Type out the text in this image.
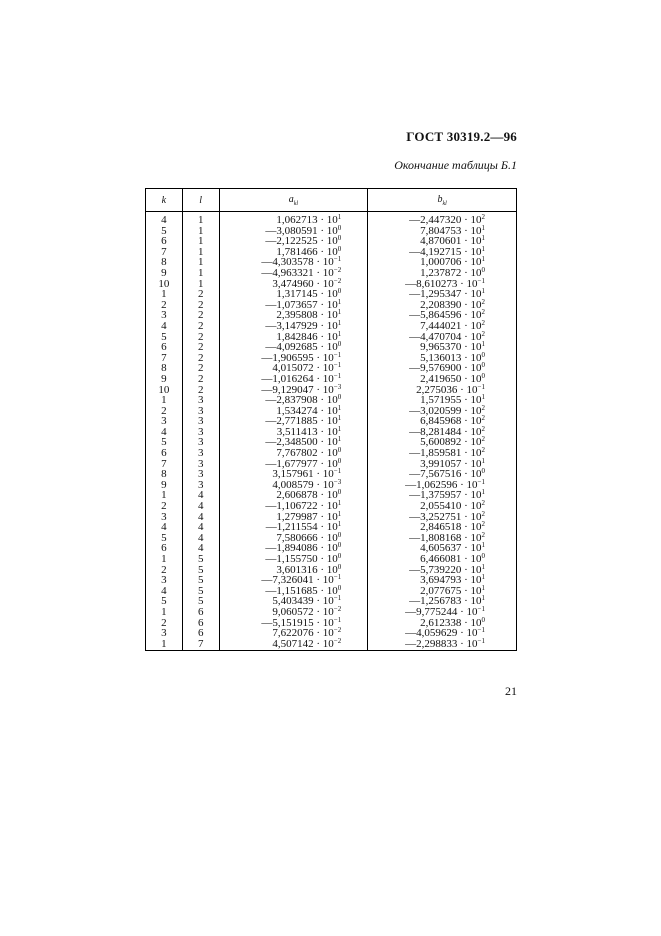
ГОСТ 30319.2—96
Окончание таблицы Б.1
k	l	$a_{kl}$	$b_{kl}$
4	1	$1,062713 \cdot 10^1$	—2,447320 · $10^2$
5	1	—3,080591 · $10^0$	$7,804753 \cdot 10^1$
6	1	—2,122525 · $10^0$	$4,870601 \cdot 10^1$
7	1	$1,781466 \cdot 10^0$	—4,192715 · $10^1$
8	1	—4,303578 · $10^{-1}$	$1,000706 \cdot 10^1$
9	1	—4,963321 · $10^{-2}$	$1,237872 \cdot 10^0$
10	1	$3,474960 \cdot 10^{-2}$	—8,610273 · $10^{-1}$
1	2	$1,317145 \cdot 10^0$	—1,295347 · $10^1$
2	2	—1,073657 · $10^1$	$2,208390 \cdot 10^2$
3	2	$2,395808 \cdot 10^1$	—5,864596 · $10^2$
4	2	—3,147929 · $10^1$	$7,444021 \cdot 10^2$
5	2	$1,842846 \cdot 10^1$	—4,470704 · $10^2$
6	2	—4,092685 · $10^0$	$9,965370 \cdot 10^1$
7	2	—1,906595 · $10^{-1}$	$5,136013 \cdot 10^0$
8	2	$4,015072 \cdot 10^{-1}$	—9,576900 · $10^0$
9	2	—1,016264 · $10^{-1}$	$2,419650 \cdot 10^0$
10	2	—9,129047 · $10^{-3}$	$2,275036 \cdot 10^{-1}$
1	3	—2,837908 · $10^0$	$1,571955 \cdot 10^1$
2	3	$1,534274 \cdot 10^1$	—3,020599 · $10^2$
3	3	—2,771885 · $10^1$	$6,845968 \cdot 10^2$
4	3	$3,511413 \cdot 10^1$	—8,281484 · $10^2$
5	3	—2,348500 · $10^1$	$5,600892 \cdot 10^2$
6	3	$7,767802 \cdot 10^0$	—1,859581 · $10^2$
7	3	—1,677977 · $10^0$	$3,991057 \cdot 10^1$
8	3	$3,157961 \cdot 10^{-1}$	—7,567516 · $10^0$
9	3	$4,008579 \cdot 10^{-3}$	—1,062596 · $10^{-1}$
1	4	$2,606878 \cdot 10^0$	—1,375957 · $10^1$
2	4	—1,106722 · $10^1$	$2,055410 \cdot 10^2$
3	4	$1,279987 \cdot 10^1$	—3,252751 · $10^2$
4	4	—1,211554 · $10^1$	$2,846518 \cdot 10^2$
5	4	$7,580666 \cdot 10^0$	—1,808168 · $10^2$
6	4	—1,894086 · $10^0$	$4,605637 \cdot 10^1$
1	5	—1,155750 · $10^0$	$6,466081 \cdot 10^0$
2	5	$3,601316 \cdot 10^0$	—5,739220 · $10^1$
3	5	—7,326041 · $10^{-1}$	$3,694793 \cdot 10^1$
4	5	—1,151685 · $10^0$	$2,077675 \cdot 10^1$
5	5	$5,403439 \cdot 10^{-1}$	—1,256783 · $10^1$
1	6	$9,060572 \cdot 10^{-2}$	—9,775244 · $10^{-1}$
2	6	—5,151915 · $10^{-1}$	$2,612338 \cdot 10^0$
3	6	$7,622076 \cdot 10^{-2}$	—4,059629 · $10^{-1}$
1	7	$4,507142 \cdot 10^{-2}$	—2,298833 · $10^{-1}$
21
